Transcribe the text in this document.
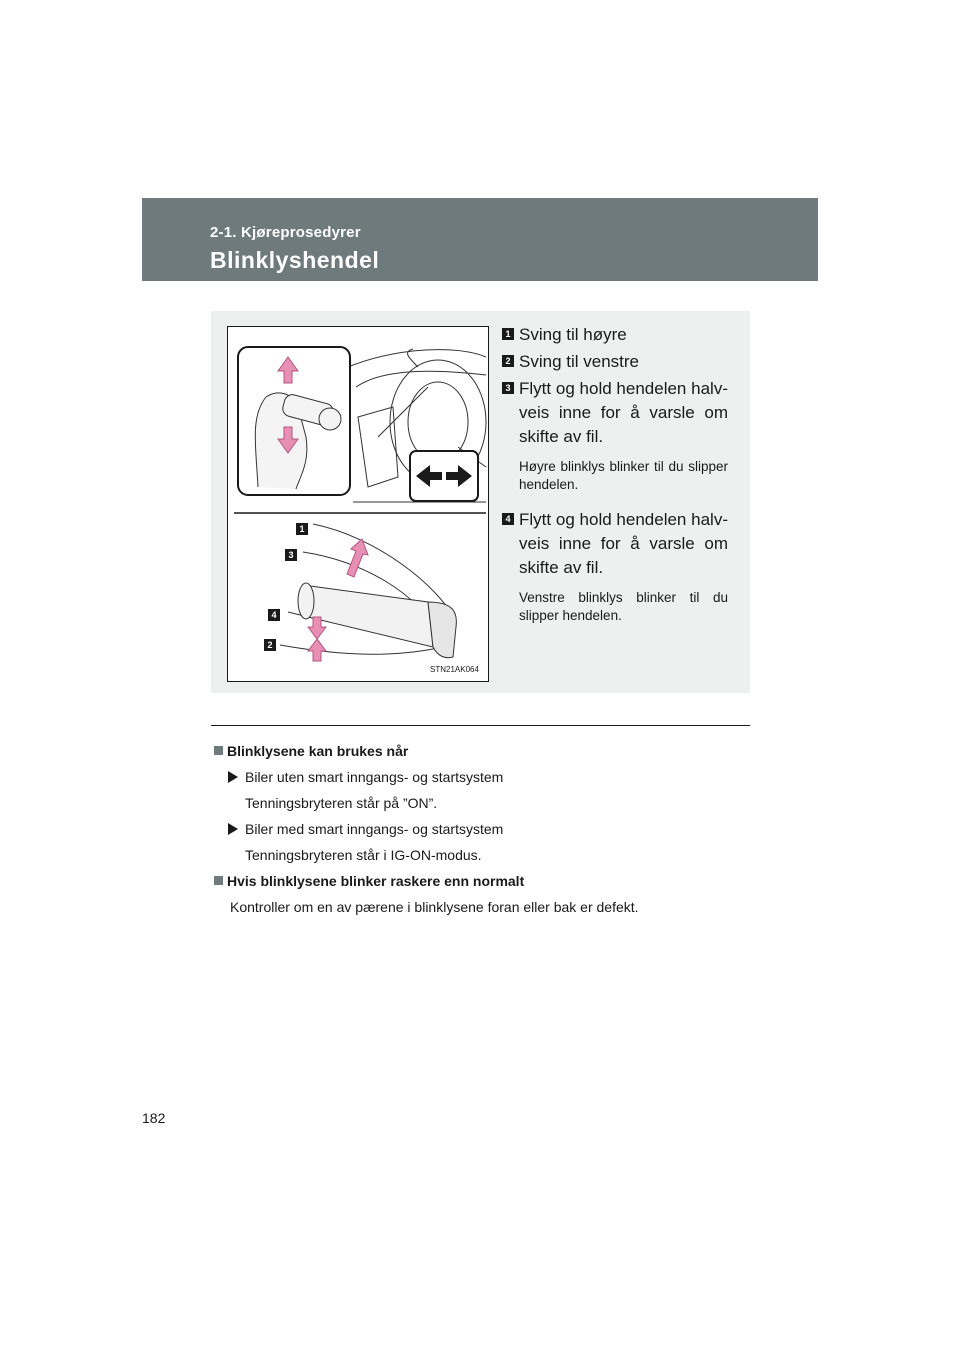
2-1. Kjøreprosedyrer
Blinklyshendel
STN21AK064
1
3
4
2
1 Sving til høyre
2 Sving til venstre
3 Flytt og hold hendelen halv-veis inne for å varsle om skifte av fil.
Høyre blinklys blinker til du slipper hendelen.
4 Flytt og hold hendelen halv-veis inne for å varsle om skifte av fil.
Venstre blinklys blinker til du slipper hendelen.
Blinklysene kan brukes når
Biler uten smart inngangs- og startsystem
Tenningsbryteren står på ”ON”.
Biler med smart inngangs- og startsystem
Tenningsbryteren står i IG-ON-modus.
Hvis blinklysene blinker raskere enn normalt
Kontroller om en av pærene i blinklysene foran eller bak er defekt.
182
